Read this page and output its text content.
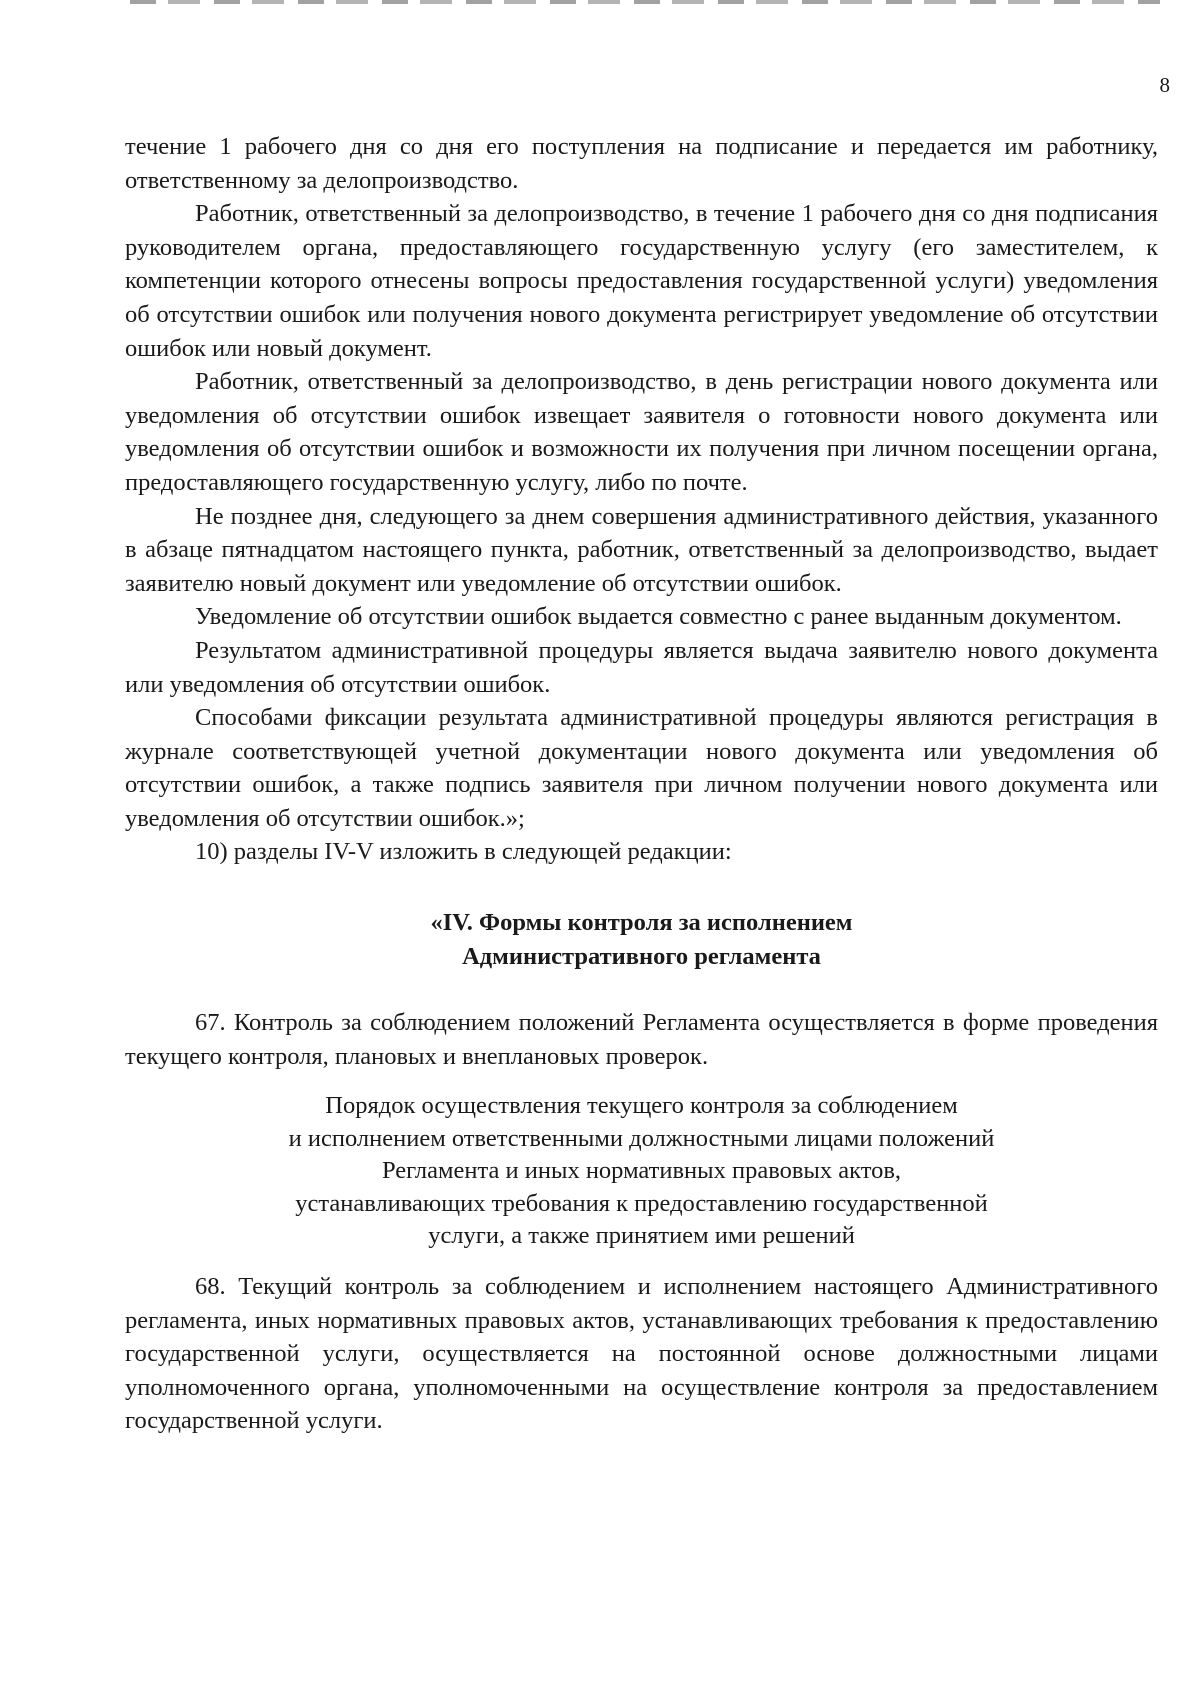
8

течение 1 рабочего дня со дня его поступления на подписание и передается им работнику, ответственному за делопроизводство.

Работник, ответственный за делопроизводство, в течение 1 рабочего дня со дня подписания руководителем органа, предоставляющего государственную услугу (его заместителем, к компетенции которого отнесены вопросы предоставления государственной услуги) уведомления об отсутствии ошибок или получения нового документа регистрирует уведомление об отсутствии ошибок или новый документ.

Работник, ответственный за делопроизводство, в день регистрации нового документа или уведомления об отсутствии ошибок извещает заявителя о готовности нового документа или уведомления об отсутствии ошибок и возможности их получения при личном посещении органа, предоставляющего государственную услугу, либо по почте.

Не позднее дня, следующего за днем совершения административного действия, указанного в абзаце пятнадцатом настоящего пункта, работник, ответственный за делопроизводство, выдает заявителю новый документ или уведомление об отсутствии ошибок.

Уведомление об отсутствии ошибок выдается совместно с ранее выданным документом.

Результатом административной процедуры является выдача заявителю нового документа или уведомления об отсутствии ошибок.

Способами фиксации результата административной процедуры являются регистрация в журнале соответствующей учетной документации нового документа или уведомления об отсутствии ошибок, а также подпись заявителя при личном получении нового документа или уведомления об отсутствии ошибок.»;

10) разделы IV-V изложить в следующей редакции:

«IV. Формы контроля за исполнением
Административного регламента

67. Контроль за соблюдением положений Регламента осуществляется в форме проведения текущего контроля, плановых и внеплановых проверок.

Порядок осуществления текущего контроля за соблюдением
и исполнением ответственными должностными лицами положений
Регламента и иных нормативных правовых актов,
устанавливающих требования к предоставлению государственной
услуги, а также принятием ими решений

68. Текущий контроль за соблюдением и исполнением настоящего Административного регламента, иных нормативных правовых актов, устанавливающих требования к предоставлению государственной услуги, осуществляется на постоянной основе должностными лицами уполномоченного органа, уполномоченными на осуществление контроля за предоставлением государственной услуги.
